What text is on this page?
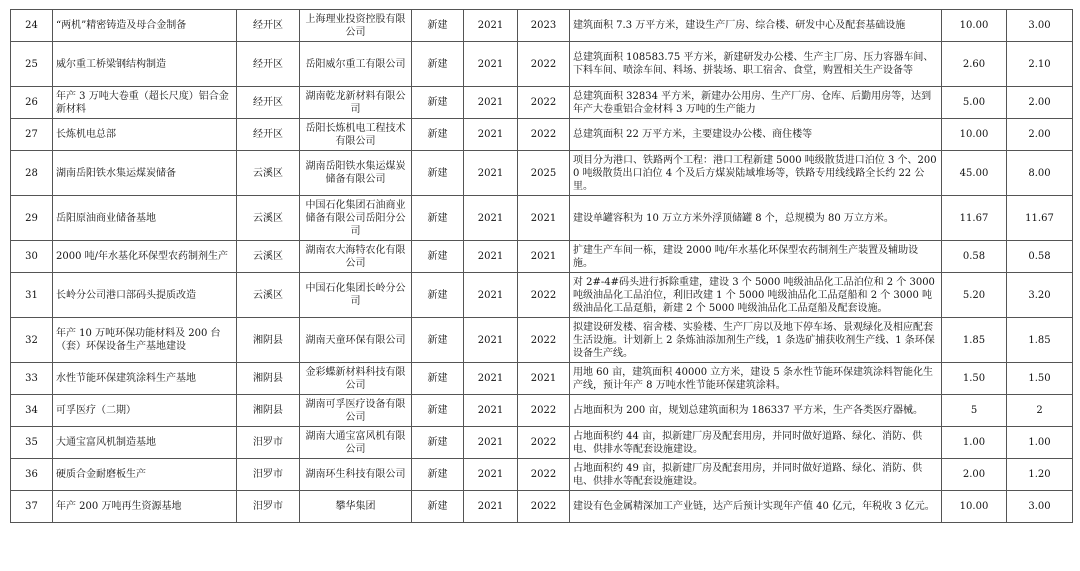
24	“两机”精密铸造及母合金制备	经开区	上海理业投资控股有限公司	新建	2021	2023	建筑面积 7.3 万平方米，建设生产厂房、综合楼、研发中心及配套基础设施	10.00	3.00
25	威尔重工桥梁钢结构制造	经开区	岳阳威尔重工有限公司	新建	2021	2022	总建筑面积 108583.75 平方米，新建研发办公楼、生产主厂房、压力容器车间、下料车间、喷涂车间、料场、拼装场、职工宿舍、食堂，购置相关生产设备等	2.60	2.10
26	年产 3 万吨大卷重（超长尺度）铝合金新材料	经开区	湖南乾龙新材料有限公司	新建	2021	2022	总建筑面积 32834 平方米，新建办公用房、生产厂房、仓库、后勤用房等，达到年产大卷重铝合金材料 3 万吨的生产能力	5.00	2.00
27	长炼机电总部	经开区	岳阳长炼机电工程技术有限公司	新建	2021	2022	总建筑面积 22 万平方米，主要建设办公楼、商住楼等	10.00	2.00
28	湖南岳阳铁水集运煤炭储备	云溪区	湖南岳阳铁水集运煤炭储备有限公司	新建	2021	2025	项目分为港口、铁路两个工程：港口工程新建 5000 吨级散货进口泊位 3 个、2000 吨级散货出口泊位 4 个及后方煤炭陆域堆场等，铁路专用线线路全长约 22 公里。	45.00	8.00
29	岳阳原油商业储备基地	云溪区	中国石化集团石油商业储备有限公司岳阳分公司	新建	2021	2021	建设单罐容积为 10 万立方米外浮顶储罐 8 个，总规模为 80 万立方米。	11.67	11.67
30	2000 吨/年水基化环保型农药制剂生产	云溪区	湖南农大海特农化有限公司	新建	2021	2021	扩建生产车间一栋，建设 2000 吨/年水基化环保型农药制剂生产装置及辅助设施。	0.58	0.58
31	长岭分公司港口部码头提质改造	云溪区	中国石化集团长岭分公司	新建	2021	2022	对 2#-4#码头进行拆除重建，建设 3 个 5000 吨级油品化工品泊位和 2 个 3000 吨级油品化工品泊位，利旧改建 1 个 5000 吨级油品化工品趸船和 2 个 3000 吨级油品化工品趸船，新建 2 个 5000 吨级油品化工品趸船及配套设施。	5.20	3.20
32	年产 10 万吨环保功能材料及 200 台（套）环保设备生产基地建设	湘阴县	湖南天童环保有限公司	新建	2021	2022	拟建设研发楼、宿舍楼、实验楼、生产厂房以及地下停车场、景观绿化及相应配套生活设施。计划新上 2 条炼油添加剂生产线，1 条选矿捕获收剂生产线、1 条环保设备生产线。	1.85	1.85
33	水性节能环保建筑涂料生产基地	湘阴县	金彩蝶新材料科技有限公司	新建	2021	2021	用地 60 亩，建筑面积 40000 立方米，建设 5 条水性节能环保建筑涂料智能化生产线，预计年产 8 万吨水性节能环保建筑涂料。	1.50	1.50
34	可孚医疗（二期）	湘阴县	湖南可孚医疗设备有限公司	新建	2021	2022	占地面积为 200 亩，规划总建筑面积为 186337 平方米，生产各类医疗器械。	5	2
35	大通宝富风机制造基地	汨罗市	湖南大通宝富风机有限公司	新建	2021	2022	占地面积约 44 亩，拟新建厂房及配套用房，并同时做好道路、绿化、消防、供电、供排水等配套设施建设。	1.00	1.00
36	硬质合金耐磨板生产	汨罗市	湖南环生科技有限公司	新建	2021	2022	占地面积约 49 亩，拟新建厂房及配套用房，并同时做好道路、绿化、消防、供电、供排水等配套设施建设。	2.00	1.20
37	年产 200 万吨再生资源基地	汨罗市	攀华集团	新建	2021	2022	建设有色金属精深加工产业链，达产后预计实现年产值 40 亿元，年税收 3 亿元。	10.00	3.00
